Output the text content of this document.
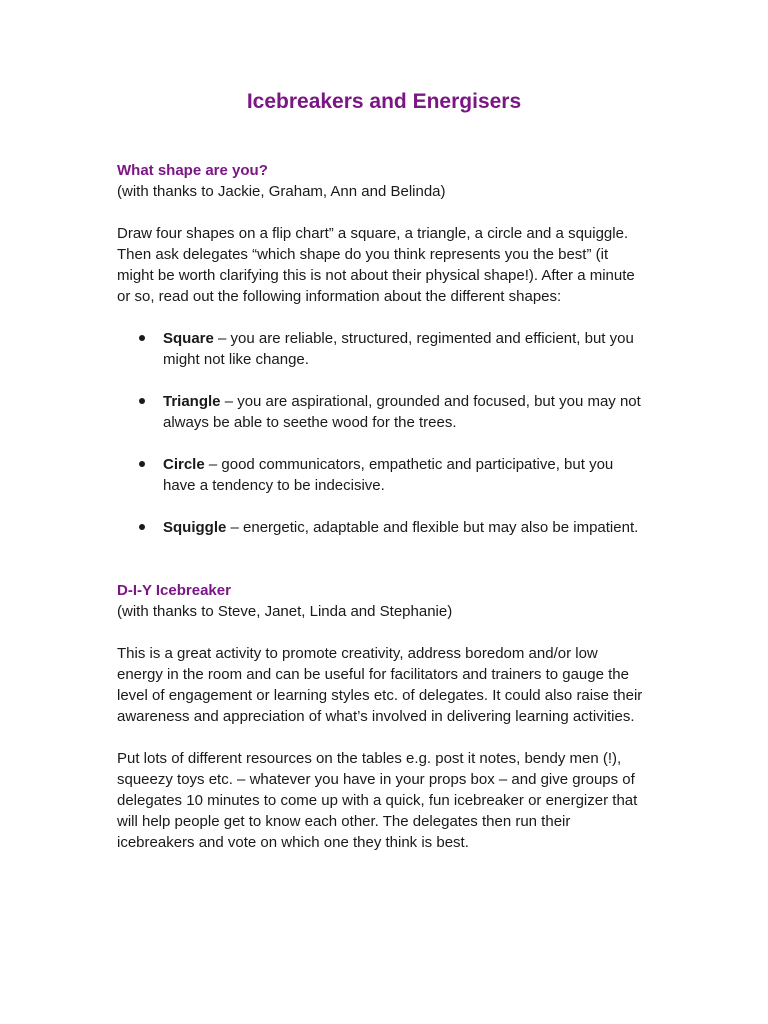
Icebreakers and Energisers
What shape are you?

(with thanks to Jackie, Graham, Ann and Belinda)

Draw four shapes on a flip chart” a square, a triangle, a circle and a squiggle. Then ask delegates “which shape do you think represents you the best” (it might be worth clarifying this is not about their physical shape!). After a minute or so, read out the following information about the different shapes:

Square – you are reliable, structured, regimented and efficient, but you might not like change.
Triangle – you are aspirational, grounded and focused, but you may not always be able to seethe wood for the trees.
Circle – good communicators, empathetic and participative, but you have a tendency to be indecisive.
Squiggle – energetic, adaptable and flexible but may also be impatient.
D-I-Y Icebreaker

(with thanks to Steve, Janet, Linda and Stephanie)

This is a great activity to promote creativity, address boredom and/or low energy in the room and can be useful for facilitators and trainers to gauge the level of engagement or learning styles etc. of delegates. It could also raise their awareness and appreciation of what’s involved in delivering learning activities.

Put lots of different resources on the tables e.g. post it notes, bendy men (!), squeezy toys etc. – whatever you have in your props box – and give groups of delegates 10 minutes to come up with a quick, fun icebreaker or energizer that will help people get to know each other. The delegates then run their icebreakers and vote on which one they think is best.
